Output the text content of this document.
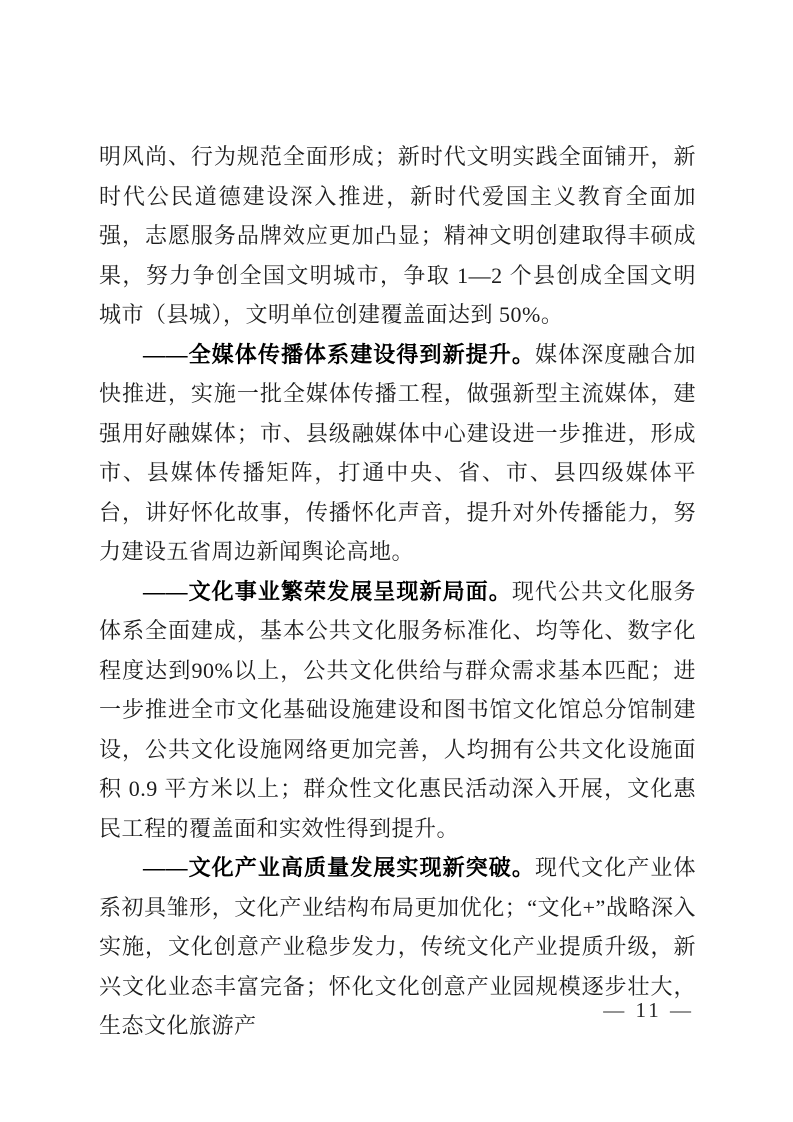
明风尚、行为规范全面形成；新时代文明实践全面铺开，新时代公民道德建设深入推进，新时代爱国主义教育全面加强，志愿服务品牌效应更加凸显；精神文明创建取得丰硕成果，努力争创全国文明城市，争取 1—2 个县创成全国文明城市（县城），文明单位创建覆盖面达到 50%。

——全媒体传播体系建设得到新提升。媒体深度融合加快推进，实施一批全媒体传播工程，做强新型主流媒体，建强用好融媒体；市、县级融媒体中心建设进一步推进，形成市、县媒体传播矩阵，打通中央、省、市、县四级媒体平台，讲好怀化故事，传播怀化声音，提升对外传播能力，努力建设五省周边新闻舆论高地。

——文化事业繁荣发展呈现新局面。现代公共文化服务体系全面建成，基本公共文化服务标准化、均等化、数字化程度达到90%以上，公共文化供给与群众需求基本匹配；进一步推进全市文化基础设施建设和图书馆文化馆总分馆制建设，公共文化设施网络更加完善，人均拥有公共文化设施面积 0.9 平方米以上；群众性文化惠民活动深入开展，文化惠民工程的覆盖面和实效性得到提升。

——文化产业高质量发展实现新突破。现代文化产业体系初具雏形，文化产业结构布局更加优化；“文化+”战略深入实施，文化创意产业稳步发力，传统文化产业提质升级，新兴文化业态丰富完备；怀化文化创意产业园规模逐步壮大，生态文化旅游产

— 11 —
